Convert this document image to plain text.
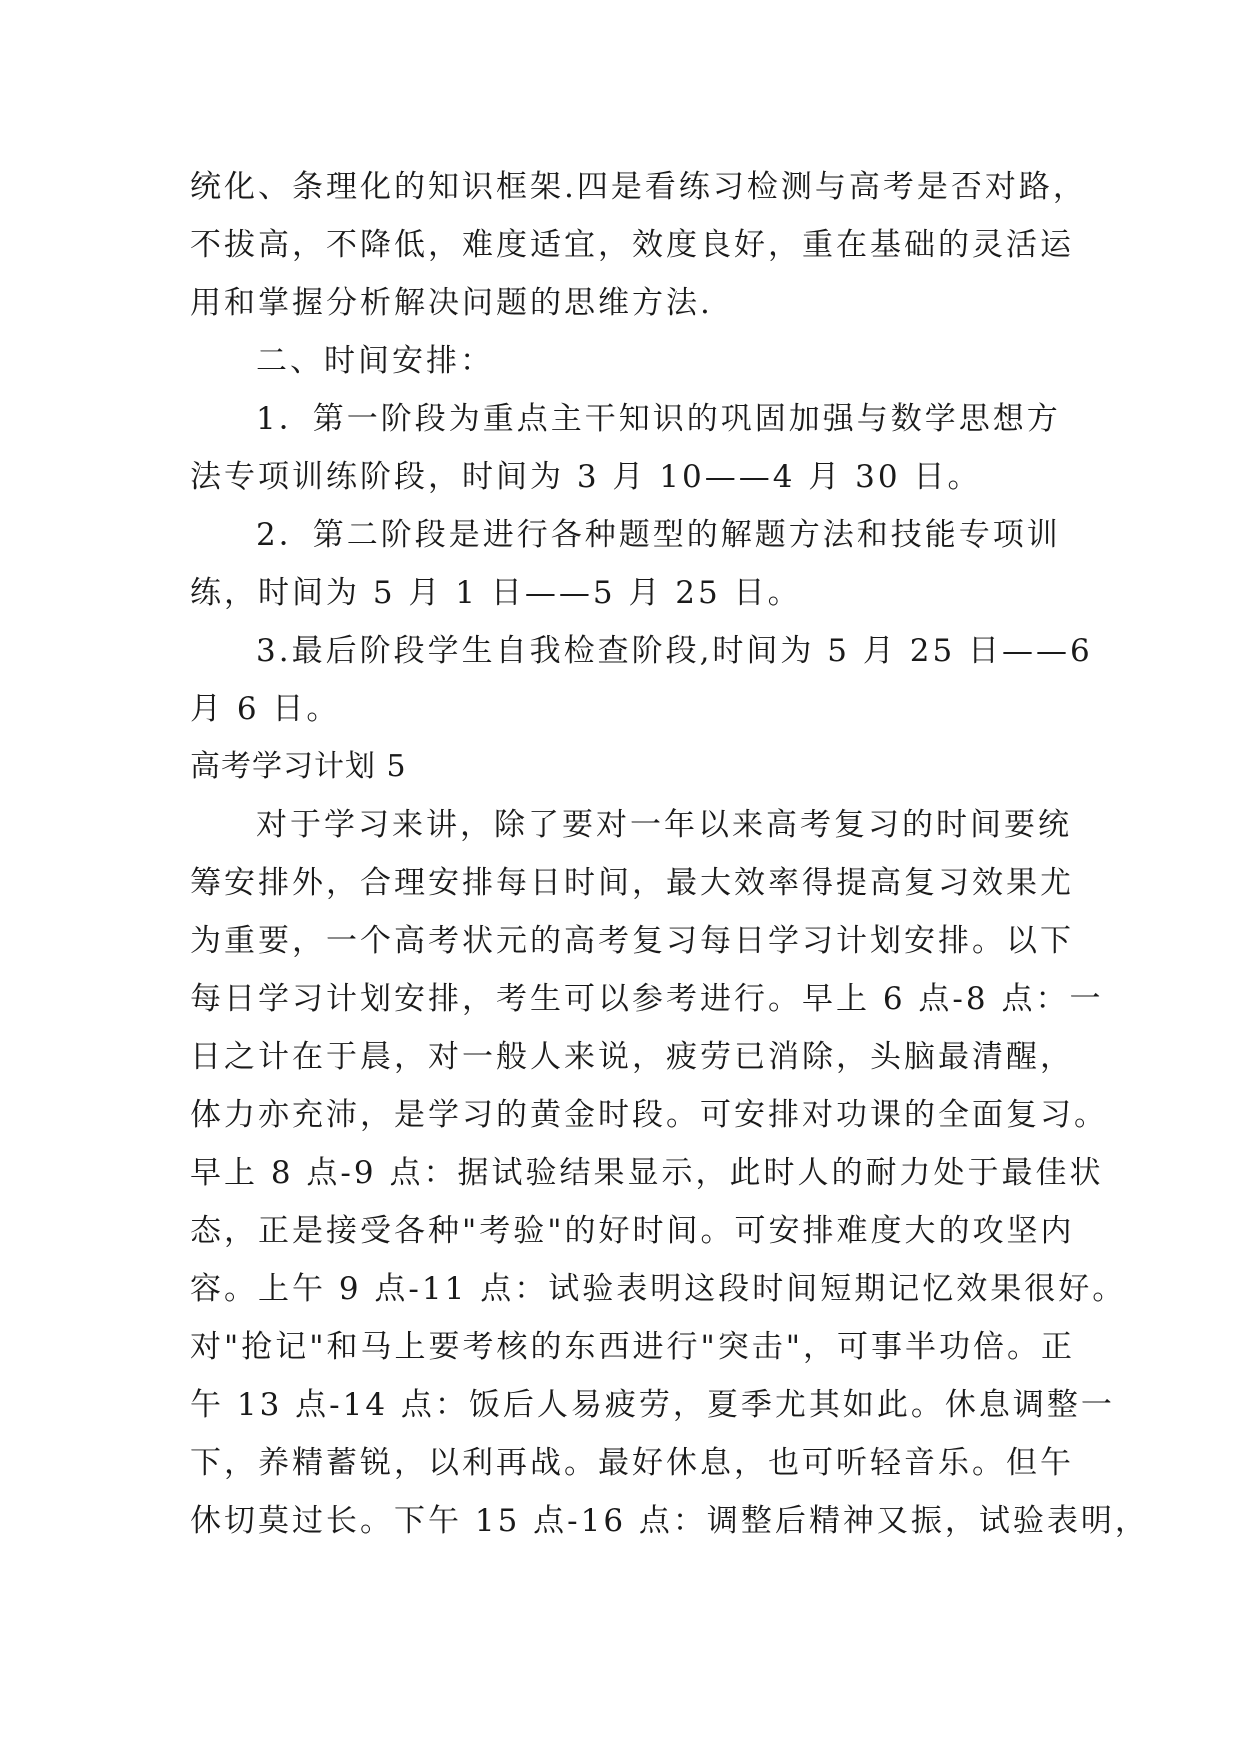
统化、条理化的知识框架.四是看练习检测与高考是否对路，
不拔高，不降低，难度适宜，效度良好，重在基础的灵活运
用和掌握分析解决问题的思维方法.
二、时间安排：
1．第一阶段为重点主干知识的巩固加强与数学思想方
法专项训练阶段，时间为 3 月 10——4 月 30 日。
2．第二阶段是进行各种题型的解题方法和技能专项训
练，时间为 5 月 1 日——5 月 25 日。
3.最后阶段学生自我检查阶段,时间为 5 月 25 日——6
月 6 日。
高考学习计划 5
对于学习来讲，除了要对一年以来高考复习的时间要统
筹安排外，合理安排每日时间，最大效率得提高复习效果尤
为重要，一个高考状元的高考复习每日学习计划安排。以下
每日学习计划安排，考生可以参考进行。早上 6 点-8 点：一
日之计在于晨，对一般人来说，疲劳已消除，头脑最清醒，
体力亦充沛，是学习的黄金时段。可安排对功课的全面复习。
早上 8 点-9 点：据试验结果显示，此时人的耐力处于最佳状
态，正是接受各种"考验"的好时间。可安排难度大的攻坚内
容。上午 9 点-11 点：试验表明这段时间短期记忆效果很好。
对"抢记"和马上要考核的东西进行"突击"，可事半功倍。正
午 13 点-14 点：饭后人易疲劳，夏季尤其如此。休息调整一
下，养精蓄锐，以利再战。最好休息，也可听轻音乐。但午
休切莫过长。下午 15 点-16 点：调整后精神又振，试验表明，
